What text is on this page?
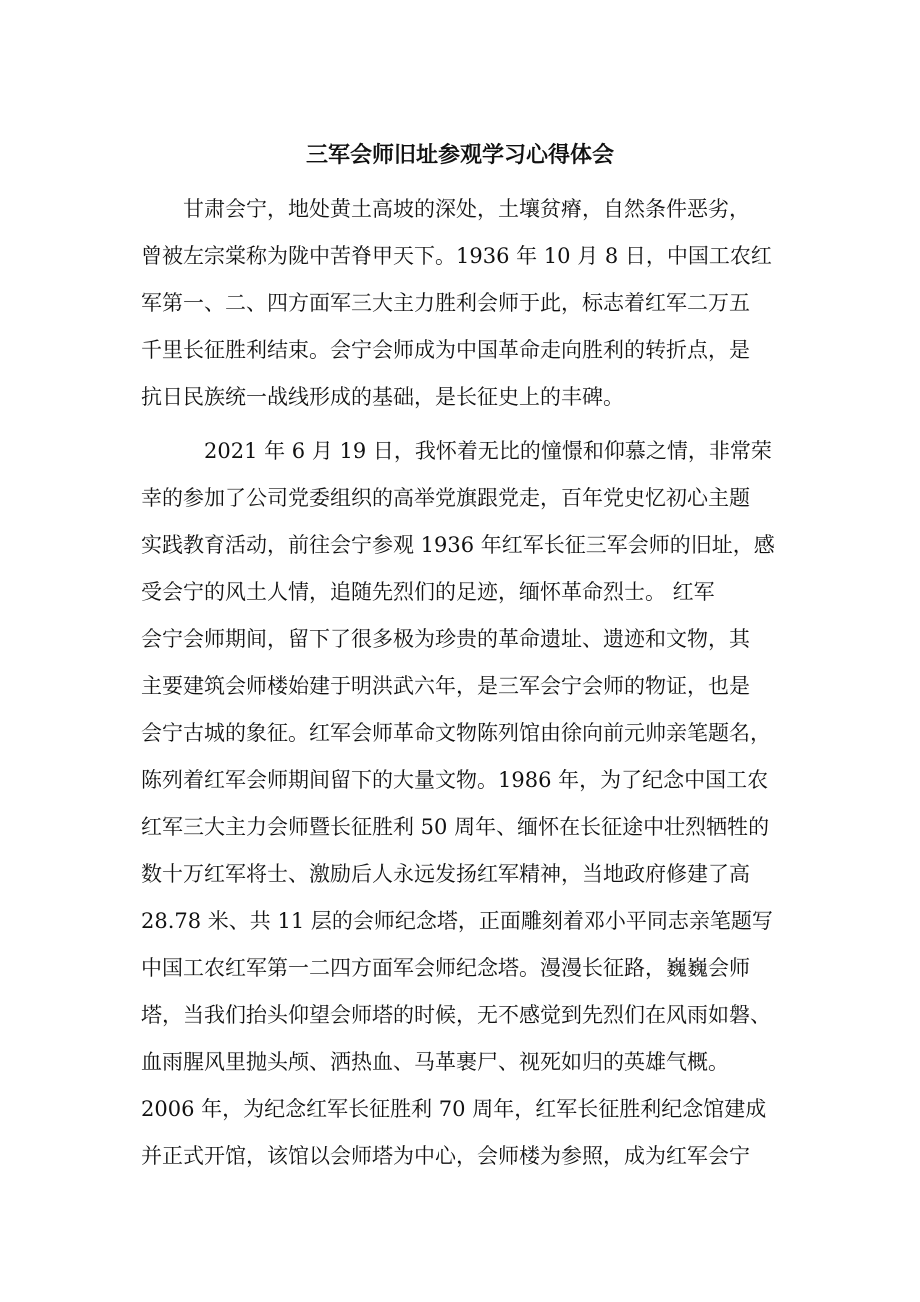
三军会师旧址参观学习心得体会
甘肃会宁，地处黄土高坡的深处，土壤贫瘠，自然条件恶劣，
曾被左宗棠称为陇中苦脊甲天下。1936 年 10 月 8 日，中国工农红
军第一、二、四方面军三大主力胜利会师于此，标志着红军二万五
千里长征胜利结束。会宁会师成为中国革命走向胜利的转折点，是
抗日民族统一战线形成的基础，是长征史上的丰碑。
2021 年 6 月 19 日，我怀着无比的憧憬和仰慕之情，非常荣
幸的参加了公司党委组织的高举党旗跟党走，百年党史忆初心主题
实践教育活动，前往会宁参观 1936 年红军长征三军会师的旧址，感
受会宁的风土人情，追随先烈们的足迹，缅怀革命烈士。 红军
会宁会师期间，留下了很多极为珍贵的革命遗址、遗迹和文物，其
主要建筑会师楼始建于明洪武六年，是三军会宁会师的物证，也是
会宁古城的象征。红军会师革命文物陈列馆由徐向前元帅亲笔题名，
陈列着红军会师期间留下的大量文物。1986 年，为了纪念中国工农
红军三大主力会师暨长征胜利 50 周年、缅怀在长征途中壮烈牺牲的
数十万红军将士、激励后人永远发扬红军精神，当地政府修建了高
28.78 米、共 11 层的会师纪念塔，正面雕刻着邓小平同志亲笔题写
中国工农红军第一二四方面军会师纪念塔。漫漫长征路，巍巍会师
塔，当我们抬头仰望会师塔的时候，无不感觉到先烈们在风雨如磐、
血雨腥风里抛头颅、洒热血、马革裹尸、视死如归的英雄气概。
2006 年，为纪念红军长征胜利 70 周年，红军长征胜利纪念馆建成
并正式开馆，该馆以会师塔为中心，会师楼为参照，成为红军会宁
